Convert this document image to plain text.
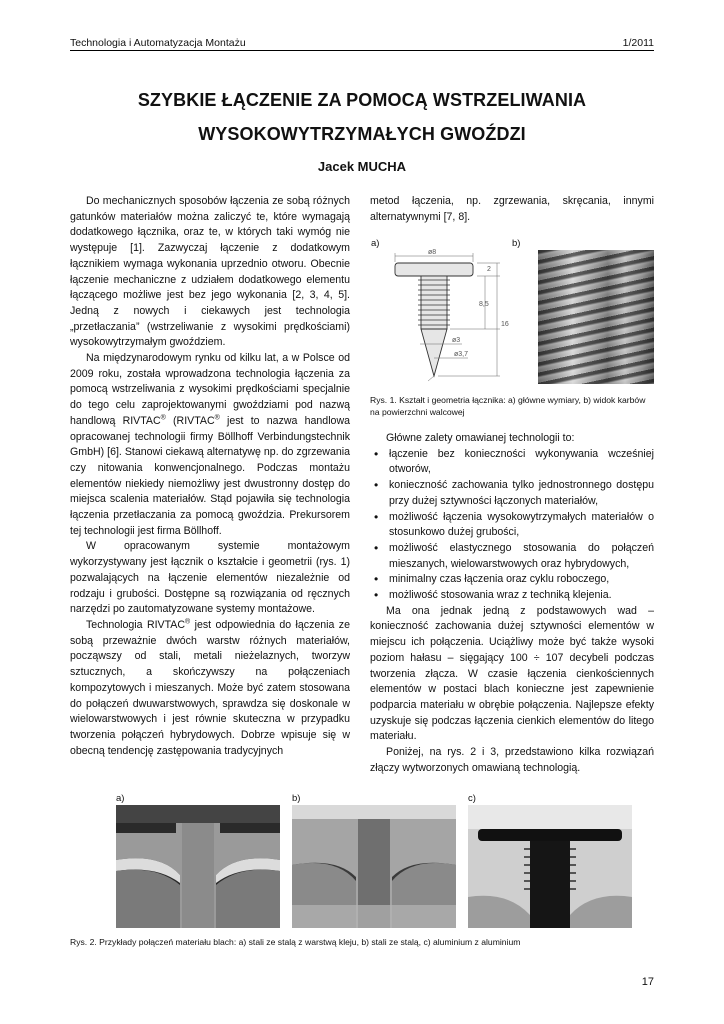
Technologia i Automatyzacja Montażu	1/2011
SZYBKIE ŁĄCZENIE ZA POMOCĄ WSTRZELIWANIA
WYSOKOWYTRZYMAŁYCH GWOŹDZI
Jacek MUCHA

Do mechanicznych sposobów łączenia ze sobą różnych gatunków materiałów można zaliczyć te, które wymagają dodatkowego łącznika, oraz te, w których taki wymóg nie występuje [1]. Zazwyczaj łączenie z dodatkowym łącznikiem wymaga wykonania uprzednio otworu. Obecnie łączenie mechaniczne z udziałem dodatkowego elementu łączącego możliwe jest bez jego wykonania [2, 3, 4, 5]. Jedną z nowych i ciekawych jest technologia „przetłaczania” (wstrzeliwanie z wysokimi prędkościami) wysokowytrzymałym gwoździem.

Na międzynarodowym rynku od kilku lat, a w Polsce od 2009 roku, została wprowadzona technologia łączenia za pomocą wstrzeliwania z wysokimi prędkościami specjalnie do tego celu zaprojektowanymi gwoździami pod nazwą handlową RIVTAC® (RIVTAC® jest to nazwa handlowa opracowanej technologii firmy Böllhoff Verbindungstechnik GmbH) [6]. Stanowi ciekawą alternatywę np. do zgrzewania czy nitowania konwencjonalnego. Podczas montażu elementów niekiedy niemożliwy jest dwustronny dostęp do miejsca scalenia materiałów. Stąd pojawiła się technologia łączenia przetłaczania za pomocą gwoździa. Prekursorem tej technologii jest firma Böllhoff.

W opracowanym systemie montażowym wykorzystywany jest łącznik o kształcie i geometrii (rys. 1) pozwalających na łączenie elementów niezależnie od rodzaju i grubości. Dostępne są rozwiązania od ręcznych narzędzi po zautomatyzowane systemy montażowe.

Technologia RIVTAC® jest odpowiednia do łączenia ze sobą przeważnie dwóch warstw różnych materiałów, począwszy od stali, metali nieżelaznych, tworzyw sztucznych, a skończywszy na połączeniach kompozytowych i mieszanych. Może być zatem stosowana do połączeń dwuwarstwowych, sprawdza się doskonale w wielowarstwowych i jest równie skuteczna w przypadku tworzenia połączeń hybrydowych. Dobrze wpisuje się w obecną tendencję zastępowania tradycyjnych

metod łączenia, np. zgrzewania, skręcania, innymi alternatywnymi [7, 8].

a)	b)
ø8
2
8,5
16
ø3
ø3,7
Rys. 1. Kształt i geometria łącznika: a) główne wymiary, b) widok karbów na powierzchni walcowej

Główne zalety omawianej technologii to:

• łączenie bez konieczności wykonywania wcześniej otworów,
• konieczność zachowania tylko jednostronnego dostępu przy dużej sztywności łączonych materiałów,
• możliwość łączenia wysokowytrzymałych materiałów o stosunkowo dużej grubości,
• możliwość elastycznego stosowania do połączeń mieszanych, wielowarstwowych oraz hybrydowych,
• minimalny czas łączenia oraz cyklu roboczego,
• możliwość stosowania wraz z techniką klejenia.

Ma ona jednak jedną z podstawowych wad – konieczność zachowania dużej sztywności elementów w miejscu ich połączenia. Uciążliwy może być także wysoki poziom hałasu – sięgający 100 ÷ 107 decybeli podczas tworzenia złącza. W czasie łączenia cienkościennych elementów w postaci blach konieczne jest zapewnienie podparcia materiału w obrębie połączenia. Najlepsze efekty uzyskuje się podczas łączenia cienkich elementów do litego materiału.

Poniżej, na rys. 2 i 3, przedstawiono kilka rozwiązań złączy wytworzonych omawianą technologią.

a)	b)	c)
Rys. 2. Przykłady połączeń materiału blach: a) stali ze stalą z warstwą kleju, b) stali ze stalą, c) aluminium z aluminium
17
